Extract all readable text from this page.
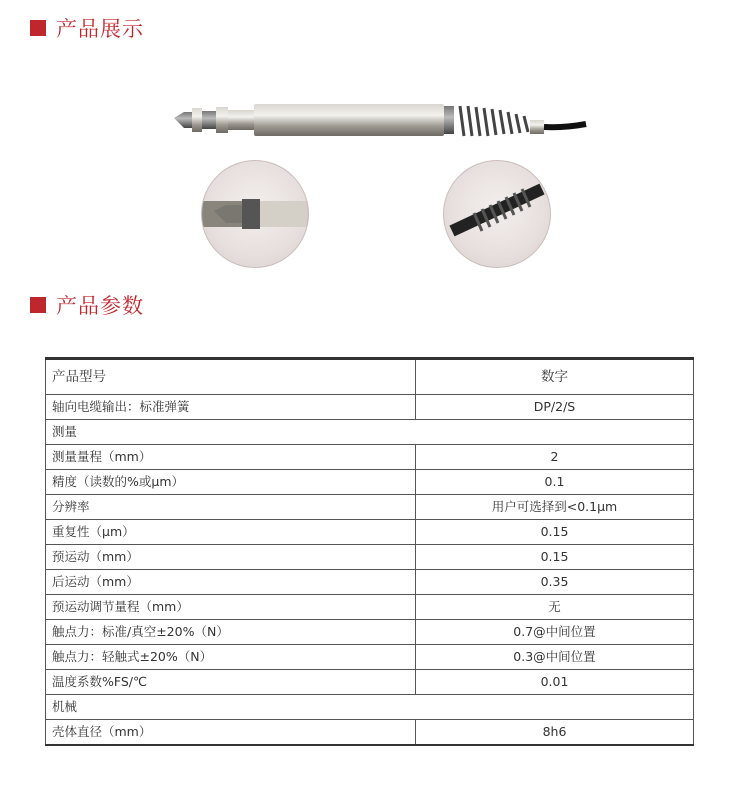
产品展示
产品参数
产品型号	数字
轴向电缆输出：标准弹簧	DP/2/S
测量	
测量量程（mm）	2
精度（读数的%或μm）	0.1
分辨率	用户可选择到<0.1μm
重复性（μm）	0.15
预运动（mm）	0.15
后运动（mm）	0.35
预运动调节量程（mm）	无
触点力：标准/真空±20%（N）	0.7@中间位置
触点力：轻触式±20%（N）	0.3@中间位置
温度系数%FS/℃	0.01
机械	
壳体直径（mm）	8h6
